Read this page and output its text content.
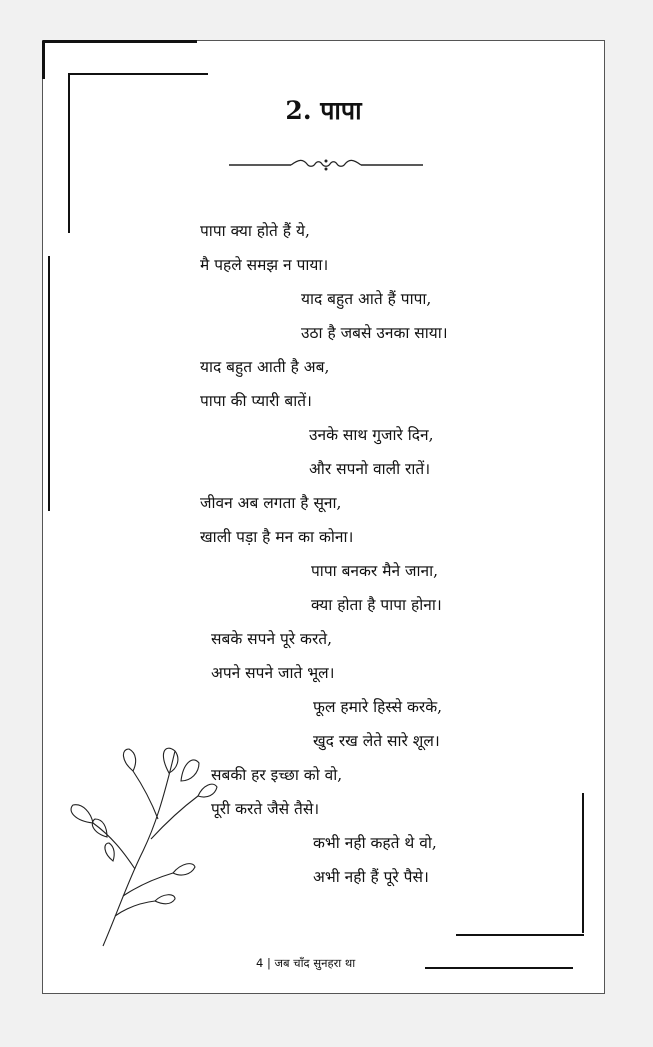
2. पापा
पापा क्या होते हैं ये,
मै पहले समझ न पाया।
याद बहुत आते हैं पापा,
उठा है जबसे उनका साया।
याद बहुत आती है अब,
पापा की प्यारी बातें।
उनके साथ गुजारे दिन,
और सपनो वाली रातें।
जीवन अब लगता है सूना,
खाली पड़ा है मन का कोना।
पापा बनकर मैने जाना,
क्या होता है पापा होना।
सबके सपने पूरे करते,
अपने सपने जाते भूल।
फूल हमारे हिस्से करके,
खुद रख लेते सारे शूल।
सबकी हर इच्छा को वो,
पूरी करते जैसे तैसे।
कभी नही कहते थे वो,
अभी नही हैं पूरे पैसे।
4 | जब चाँद सुनहरा था
